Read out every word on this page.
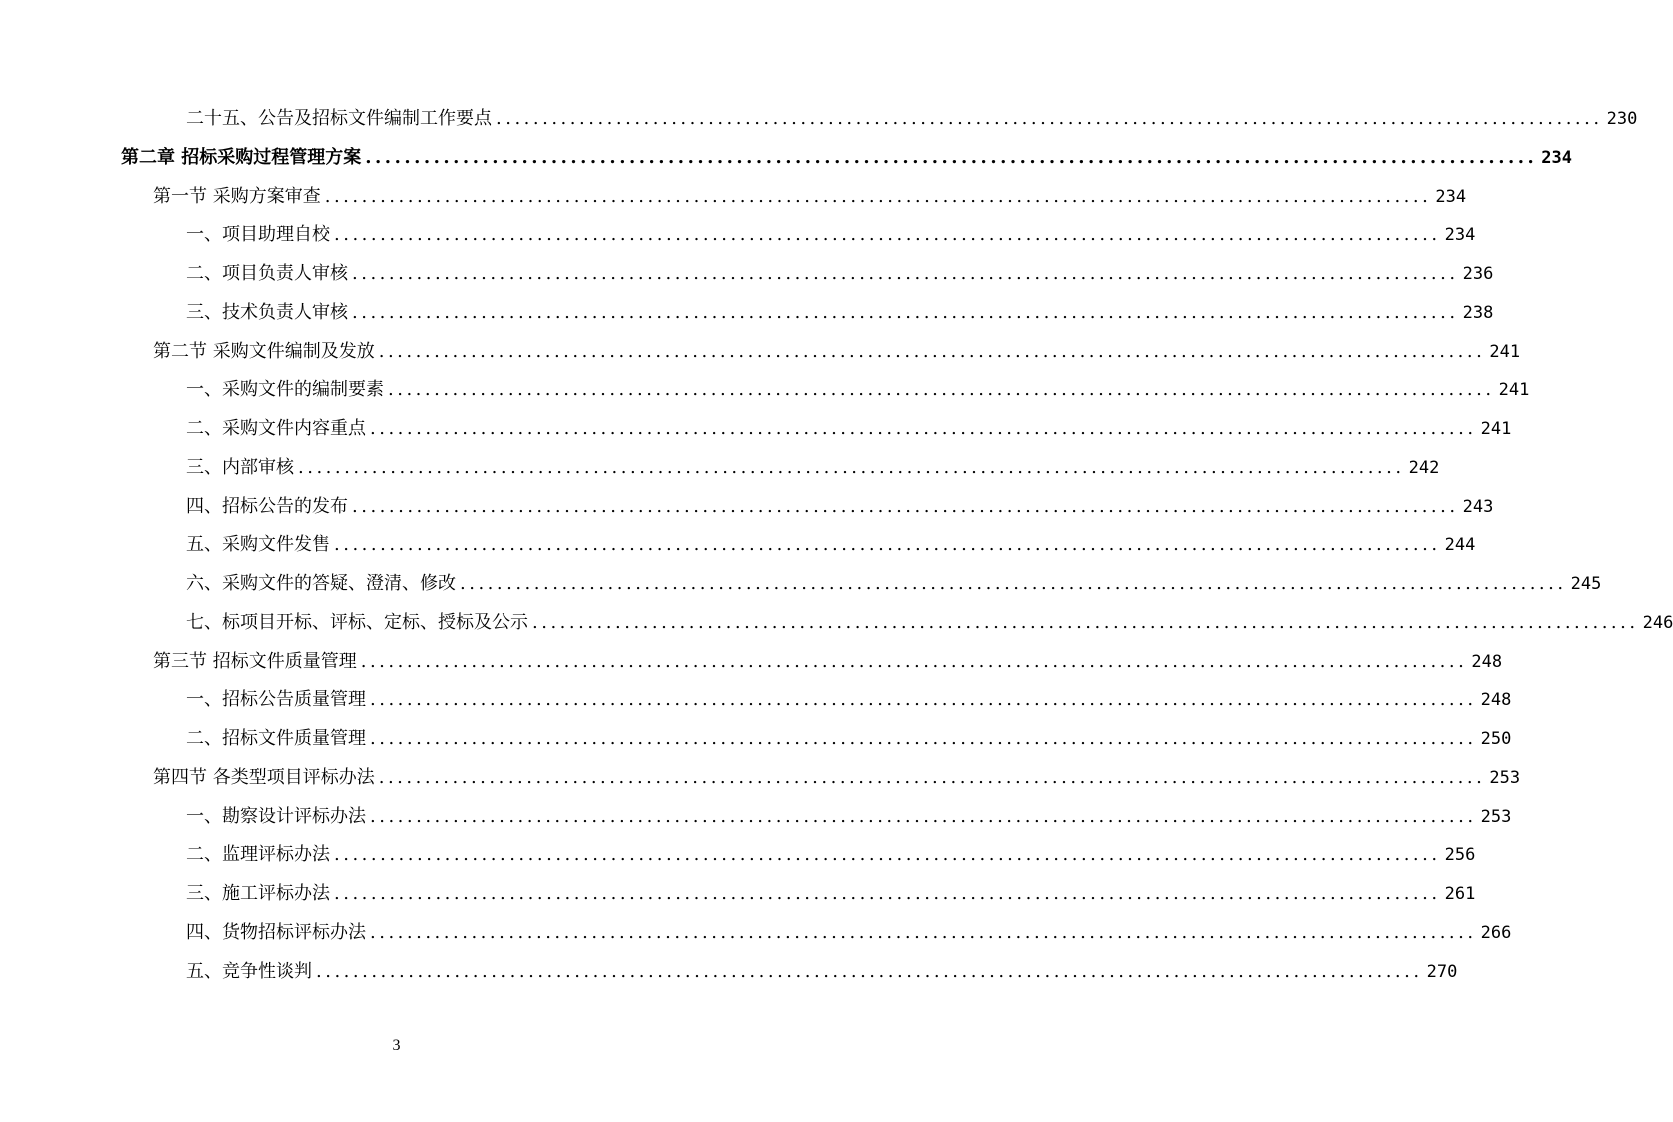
二十五、公告及招标文件编制工作要点 ........................................................................................................................ 230
第二章 招标采购过程管理方案 ........................................................................................................................ 234
第一节 采购方案审查 ........................................................................................................................ 234
一、项目助理自校 ........................................................................................................................ 234
二、项目负责人审核 ........................................................................................................................ 236
三、技术负责人审核 ........................................................................................................................ 238
第二节 采购文件编制及发放 ........................................................................................................................ 241
一、采购文件的编制要素 ........................................................................................................................ 241
二、采购文件内容重点 ........................................................................................................................ 241
三、内部审核 ........................................................................................................................ 242
四、招标公告的发布 ........................................................................................................................ 243
五、采购文件发售 ........................................................................................................................ 244
六、采购文件的答疑、澄清、修改 ........................................................................................................................ 245
七、标项目开标、评标、定标、授标及公示 ........................................................................................................................ 246
第三节 招标文件质量管理 ........................................................................................................................ 248
一、招标公告质量管理 ........................................................................................................................ 248
二、招标文件质量管理 ........................................................................................................................ 250
第四节 各类型项目评标办法 ........................................................................................................................ 253
一、勘察设计评标办法 ........................................................................................................................ 253
二、监理评标办法 ........................................................................................................................ 256
三、施工评标办法 ........................................................................................................................ 261
四、货物招标评标办法 ........................................................................................................................ 266
五、竞争性谈判 ........................................................................................................................ 270
3
